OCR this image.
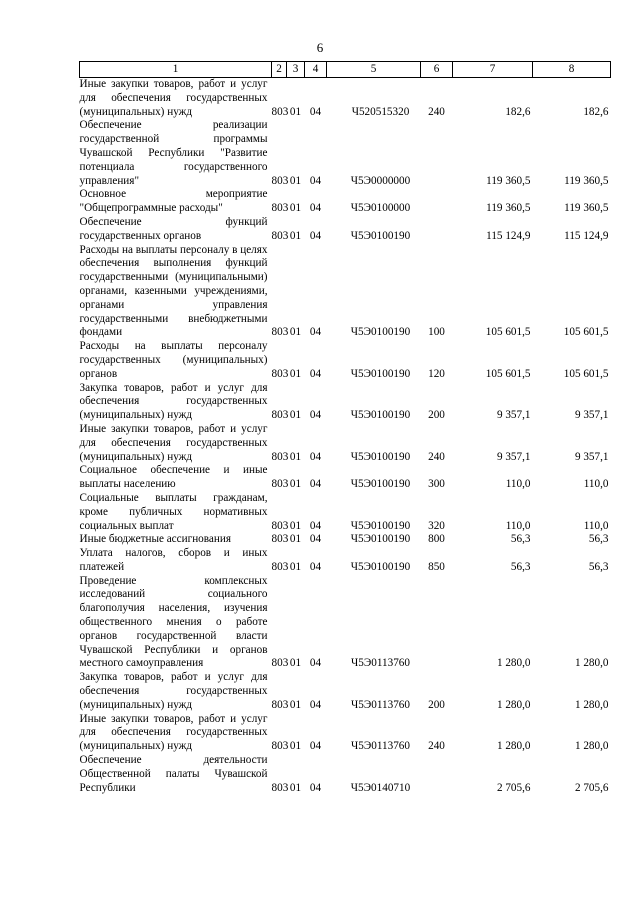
6
1	2	3	4	5	6	7	8
Иные закупки товаров, работ и услуг для обеспечения государственных (муниципальных) нужд	803	01	04	Ч520515320	240	182,6	182,6
Обеспечение реализации государственной программы Чувашской Республики "Развитие потенциала государственного управления"	803	01	04	Ч5Э0000000		119 360,5	119 360,5
Основное мероприятие "Общепрограммные расходы"	803	01	04	Ч5Э0100000		119 360,5	119 360,5
Обеспечение функций государственных органов	803	01	04	Ч5Э0100190		115 124,9	115 124,9
Расходы на выплаты персоналу в целях обеспечения выполнения функций государственными (муниципальными) органами, казенными учреждениями, органами управления государственными внебюджетными фондами	803	01	04	Ч5Э0100190	100	105 601,5	105 601,5
Расходы на выплаты персоналу государственных (муниципальных) органов	803	01	04	Ч5Э0100190	120	105 601,5	105 601,5
Закупка товаров, работ и услуг для обеспечения государственных (муниципальных) нужд	803	01	04	Ч5Э0100190	200	9 357,1	9 357,1
Иные закупки товаров, работ и услуг для обеспечения государственных (муниципальных) нужд	803	01	04	Ч5Э0100190	240	9 357,1	9 357,1
Социальное обеспечение и иные выплаты населению	803	01	04	Ч5Э0100190	300	110,0	110,0
Социальные выплаты гражданам, кроме публичных нормативных социальных выплат	803	01	04	Ч5Э0100190	320	110,0	110,0
Иные бюджетные ассигнования	803	01	04	Ч5Э0100190	800	56,3	56,3
Уплата налогов, сборов и иных платежей	803	01	04	Ч5Э0100190	850	56,3	56,3
Проведение комплексных исследований социального благополучия населения, изучения общественного мнения о работе органов государственной власти Чувашской Республики и органов местного самоуправления	803	01	04	Ч5Э0113760		1 280,0	1 280,0
Закупка товаров, работ и услуг для обеспечения государственных (муниципальных) нужд	803	01	04	Ч5Э0113760	200	1 280,0	1 280,0
Иные закупки товаров, работ и услуг для обеспечения государственных (муниципальных) нужд	803	01	04	Ч5Э0113760	240	1 280,0	1 280,0
Обеспечение деятельности Общественной палаты Чувашской Республики	803	01	04	Ч5Э0140710		2 705,6	2 705,6
